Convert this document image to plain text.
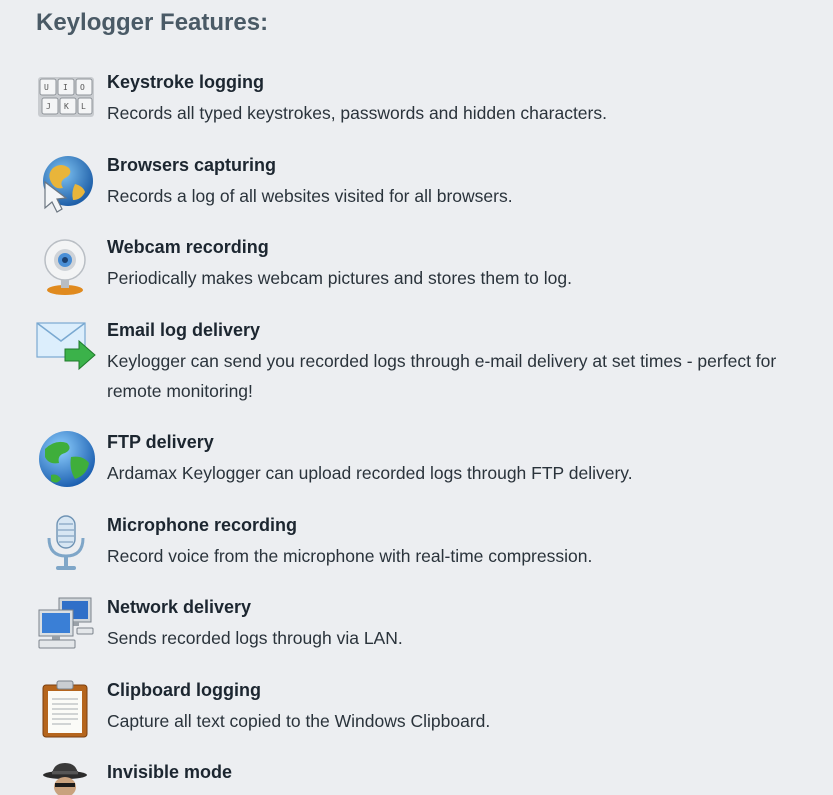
Keylogger Features:
U I O
J K L
Keystroke logging
Records all typed keystrokes, passwords and hidden characters.
Browsers capturing
Records a log of all websites visited for all browsers.
Webcam recording
Periodically makes webcam pictures and stores them to log.
Email log delivery
Keylogger can send you recorded logs through e-mail delivery at set times - perfect for remote monitoring!
FTP delivery
Ardamax Keylogger can upload recorded logs through FTP delivery.
Microphone recording
Record voice from the microphone with real-time compression.
Network delivery
Sends recorded logs through via LAN.
Clipboard logging
Capture all text copied to the Windows Clipboard.
Invisible mode
